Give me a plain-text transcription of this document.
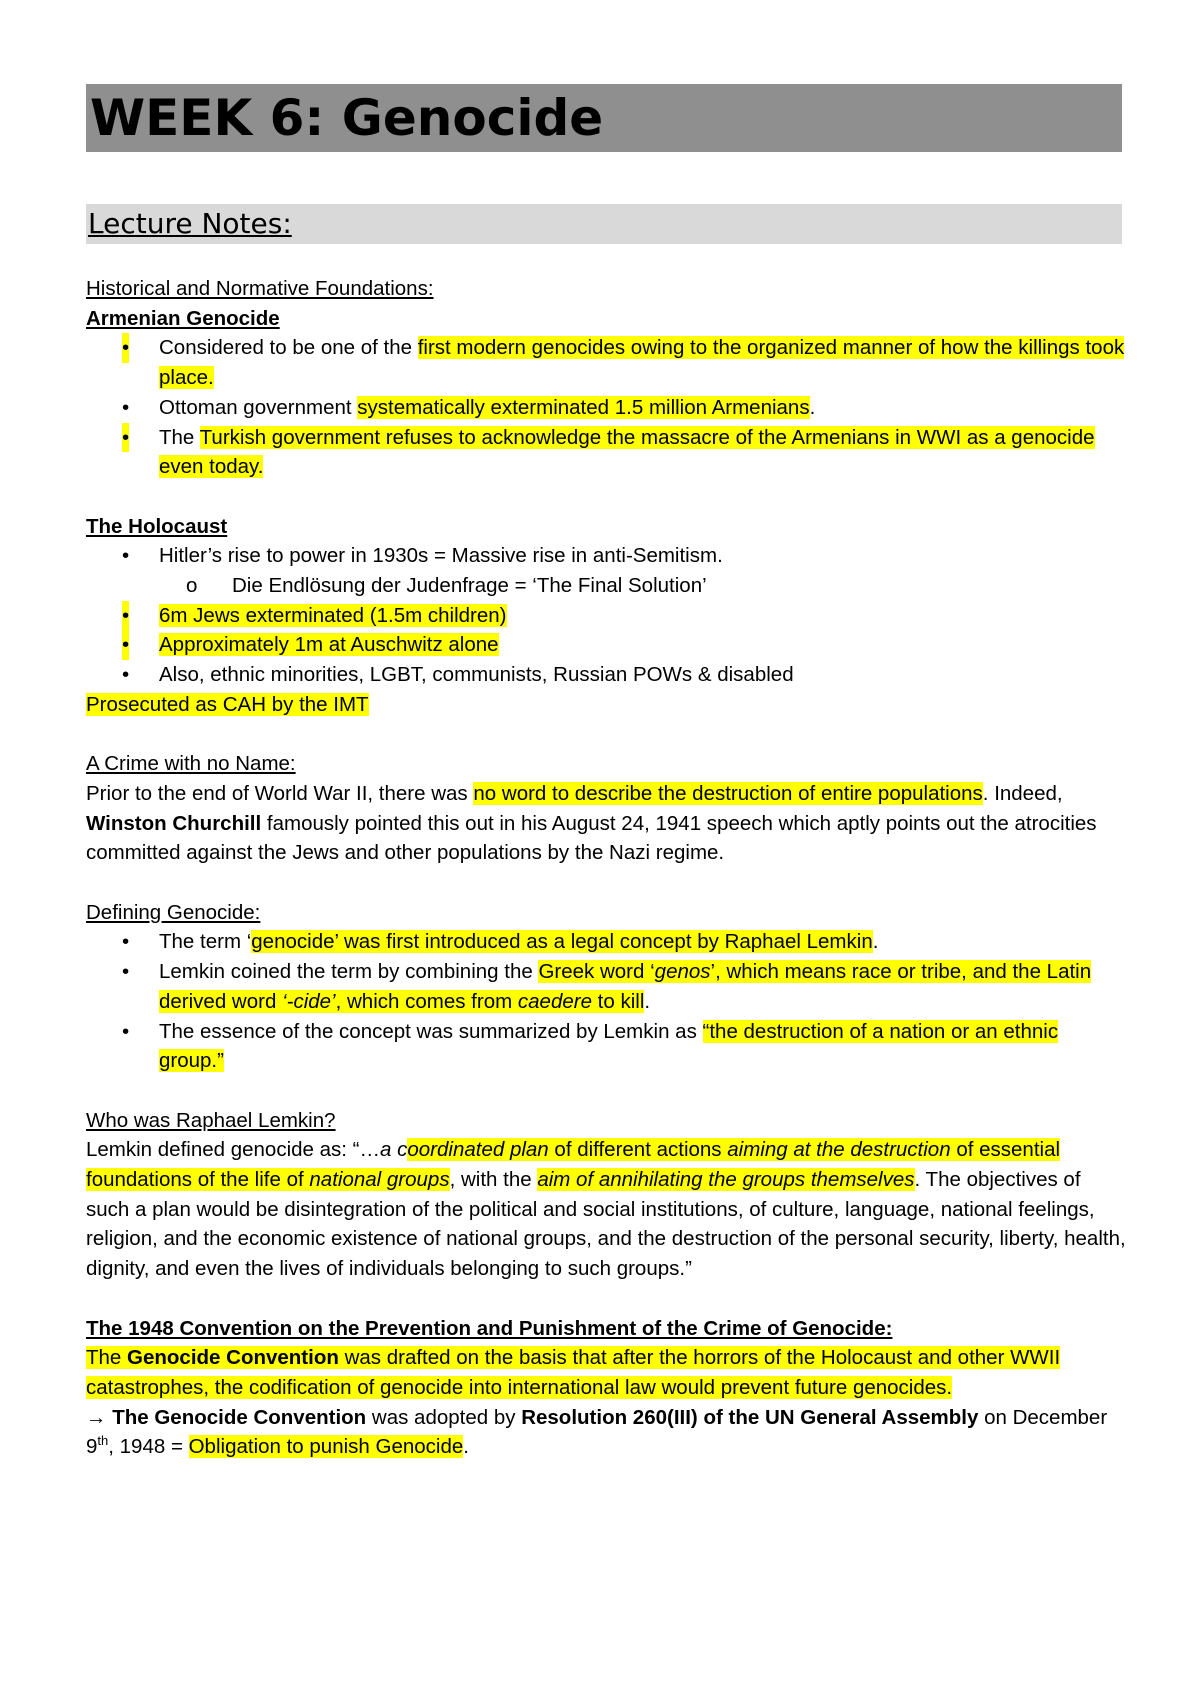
WEEK 6: Genocide
Lecture Notes:

Historical and Normative Foundations:

Armenian Genocide

• Considered to be one of the first modern genocides owing to the organized manner of how the killings took place.
• Ottoman government systematically exterminated 1.5 million Armenians.
• The Turkish government refuses to acknowledge the massacre of the Armenians in WWI as a genocide even today.

The Holocaust

• Hitler’s rise to power in 1930s = Massive rise in anti-Semitism.
o Die Endlösung der Judenfrage = ‘The Final Solution’
• 6m Jews exterminated (1.5m children)
• Approximately 1m at Auschwitz alone
• Also, ethnic minorities, LGBT, communists, Russian POWs & disabled

Prosecuted as CAH by the IMT

A Crime with no Name:

Prior to the end of World War II, there was no word to describe the destruction of entire populations. Indeed, Winston Churchill famously pointed this out in his August 24, 1941 speech which aptly points out the atrocities committed against the Jews and other populations by the Nazi regime.

Defining Genocide:

• The term ‘genocide’ was first introduced as a legal concept by Raphael Lemkin.
• Lemkin coined the term by combining the Greek word ‘genos’, which means race or tribe, and the Latin derived word ‘-cide’, which comes from caedere to kill.
• The essence of the concept was summarized by Lemkin as “the destruction of a nation or an ethnic group.”

Who was Raphael Lemkin?

Lemkin defined genocide as: “…a coordinated plan of different actions aiming at the destruction of essential foundations of the life of national groups, with the aim of annihilating the groups themselves. The objectives of such a plan would be disintegration of the political and social institutions, of culture, language, national feelings, religion, and the economic existence of national groups, and the destruction of the personal security, liberty, health, dignity, and even the lives of individuals belonging to such groups.”

The 1948 Convention on the Prevention and Punishment of the Crime of Genocide:

The Genocide Convention was drafted on the basis that after the horrors of the Holocaust and other WWII catastrophes, the codification of genocide into international law would prevent future genocides.

→ The Genocide Convention was adopted by Resolution 260(III) of the UN General Assembly on December 9th, 1948 = Obligation to punish Genocide.
